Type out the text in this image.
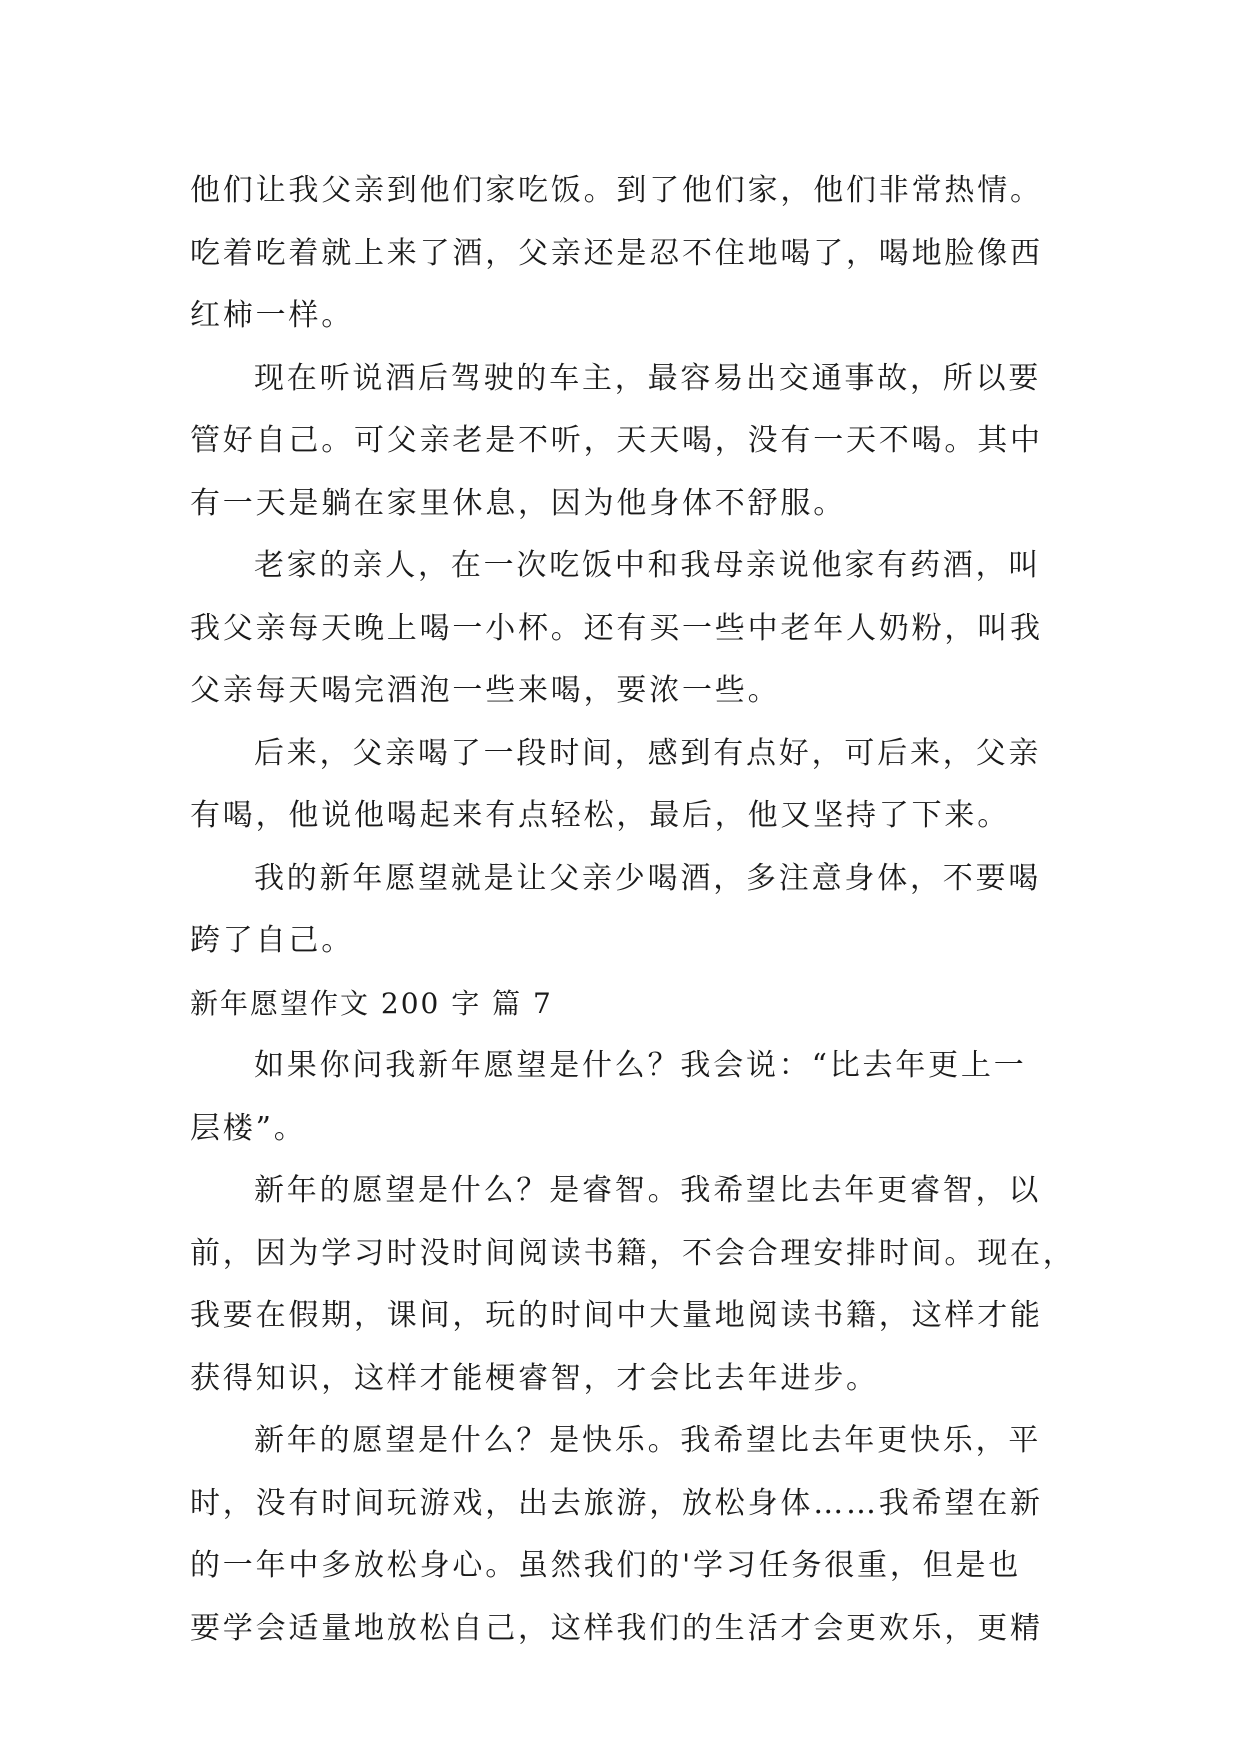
他们让我父亲到他们家吃饭。到了他们家，他们非常热情。
吃着吃着就上来了酒，父亲还是忍不住地喝了，喝地脸像西
红柿一样。
现在听说酒后驾驶的车主，最容易出交通事故，所以要
管好自己。可父亲老是不听，天天喝，没有一天不喝。其中
有一天是躺在家里休息，因为他身体不舒服。
老家的亲人，在一次吃饭中和我母亲说他家有药酒，叫
我父亲每天晚上喝一小杯。还有买一些中老年人奶粉，叫我
父亲每天喝完酒泡一些来喝，要浓一些。
后来，父亲喝了一段时间，感到有点好，可后来，父亲
有喝，他说他喝起来有点轻松，最后，他又坚持了下来。
我的新年愿望就是让父亲少喝酒，多注意身体，不要喝
跨了自己。
新年愿望作文 200 字 篇 7
如果你问我新年愿望是什么？我会说：“比去年更上一
层楼”。
新年的愿望是什么？是睿智。我希望比去年更睿智，以
前，因为学习时没时间阅读书籍，不会合理安排时间。现在，
我要在假期，课间，玩的时间中大量地阅读书籍，这样才能
获得知识，这样才能梗睿智，才会比去年进步。
新年的愿望是什么？是快乐。我希望比去年更快乐，平
时，没有时间玩游戏，出去旅游，放松身体……我希望在新
的一年中多放松身心。虽然我们的'学习任务很重，但是也
要学会适量地放松自己，这样我们的生活才会更欢乐，更精
